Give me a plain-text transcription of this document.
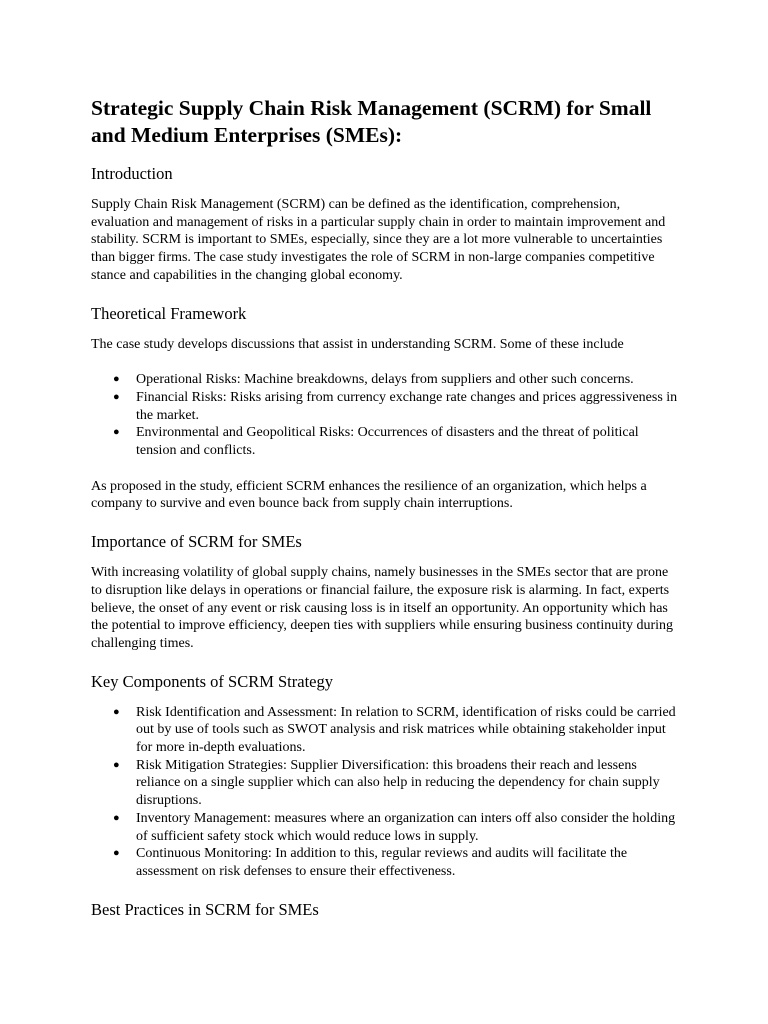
Strategic Supply Chain Risk Management (SCRM) for Small and Medium Enterprises (SMEs):
Introduction

Supply Chain Risk Management (SCRM) can be defined as the identification, comprehension, evaluation and management of risks in a particular supply chain in order to maintain improvement and stability. SCRM is important to SMEs, especially, since they are a lot more vulnerable to uncertainties than bigger firms. The case study investigates the role of SCRM in non-large companies competitive stance and capabilities in the changing global economy.

Theoretical Framework

The case study develops discussions that assist in understanding SCRM. Some of these include

● Operational Risks: Machine breakdowns, delays from suppliers and other such concerns.
● Financial Risks: Risks arising from currency exchange rate changes and prices aggressiveness in the market.
● Environmental and Geopolitical Risks: Occurrences of disasters and the threat of political tension and conflicts.

As proposed in the study, efficient SCRM enhances the resilience of an organization, which helps a company to survive and even bounce back from supply chain interruptions.

Importance of SCRM for SMEs

With increasing volatility of global supply chains, namely businesses in the SMEs sector that are prone to disruption like delays in operations or financial failure, the exposure risk is alarming. In fact, experts believe, the onset of any event or risk causing loss is in itself an opportunity. An opportunity which has the potential to improve efficiency, deepen ties with suppliers while ensuring business continuity during challenging times.

Key Components of SCRM Strategy
● Risk Identification and Assessment: In relation to SCRM, identification of risks could be carried out by use of tools such as SWOT analysis and risk matrices while obtaining stakeholder input for more in-depth evaluations.
● Risk Mitigation Strategies: Supplier Diversification: this broadens their reach and lessens reliance on a single supplier which can also help in reducing the dependency for chain supply disruptions.
● Inventory Management: measures where an organization can inters off also consider the holding of sufficient safety stock which would reduce lows in supply.
● Continuous Monitoring: In addition to this, regular reviews and audits will facilitate the assessment on risk defenses to ensure their effectiveness.
Best Practices in SCRM for SMEs
